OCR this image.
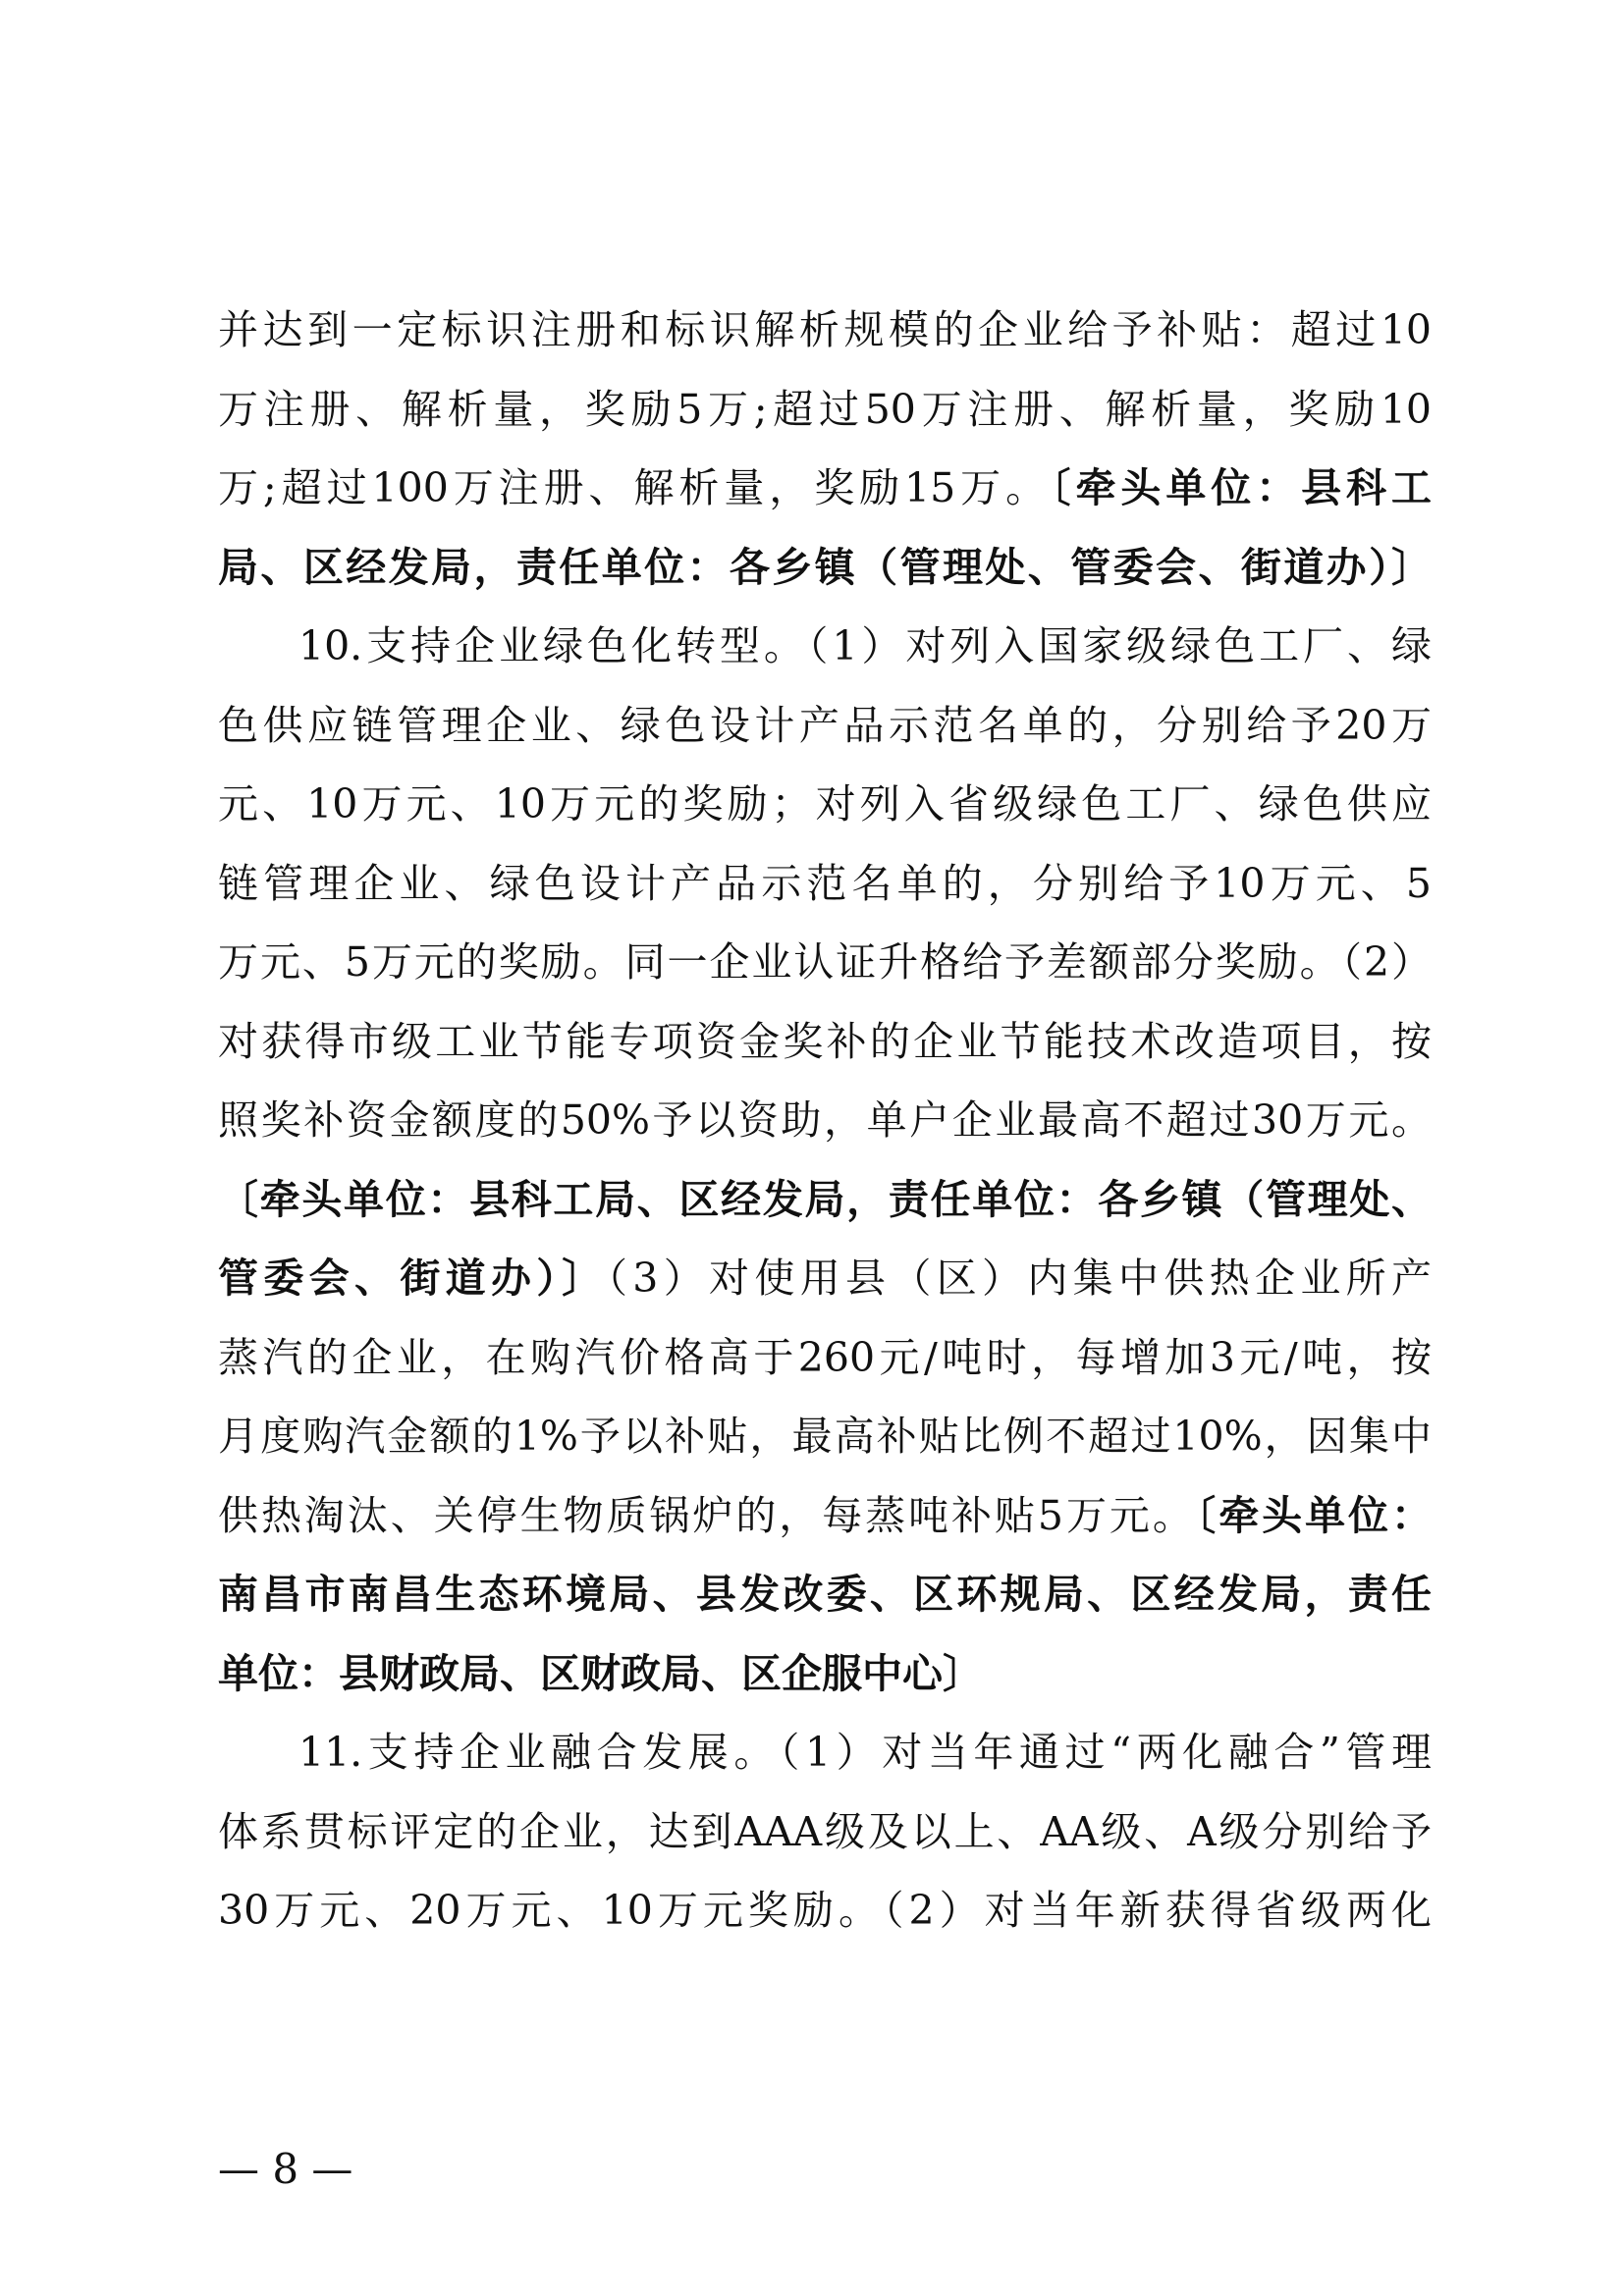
并达到一定标识注册和标识解析规模的企业给予补贴：超过10
万注册、解析量，奖励5万;超过50万注册、解析量，奖励10
万;超过100万注册、解析量，奖励15万。〔牵头单位：县科工
局、区经发局，责任单位：各乡镇（管理处、管委会、街道办）〕
10.支持企业绿色化转型。（1）对列入国家级绿色工厂、绿
色供应链管理企业、绿色设计产品示范名单的，分别给予20万
元、10万元、10万元的奖励；对列入省级绿色工厂、绿色供应
链管理企业、绿色设计产品示范名单的，分别给予10万元、5
万元、5万元的奖励。同一企业认证升格给予差额部分奖励。（2）
对获得市级工业节能专项资金奖补的企业节能技术改造项目，按
照奖补资金额度的50%予以资助，单户企业最高不超过30万元。
〔牵头单位：县科工局、区经发局，责任单位：各乡镇（管理处、
管委会、街道办）〕（3）对使用县（区）内集中供热企业所产
蒸汽的企业，在购汽价格高于260元/吨时，每增加3元/吨，按
月度购汽金额的1%予以补贴，最高补贴比例不超过10%，因集中
供热淘汰、关停生物质锅炉的，每蒸吨补贴5万元。〔牵头单位：
南昌市南昌生态环境局、县发改委、区环规局、区经发局，责任
单位：县财政局、区财政局、区企服中心〕
11.支持企业融合发展。（1）对当年通过“两化融合”管理
体系贯标评定的企业，达到AAA级及以上、AA级、A级分别给予
30万元、20万元、10万元奖励。（2）对当年新获得省级两化
— 8 —
